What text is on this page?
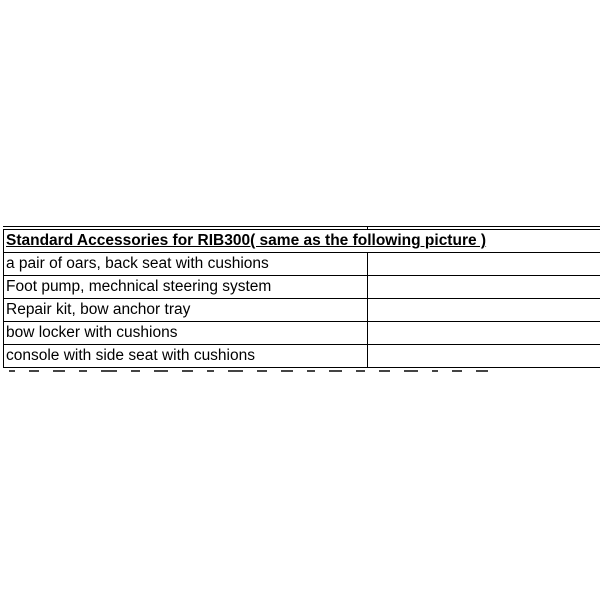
Standard Accessories for RIB300( same as the following picture )	
a pair of oars, back seat with cushions	
Foot pump, mechnical steering system	
Repair kit, bow anchor tray	
bow locker with cushions	
console with side seat with cushions	
